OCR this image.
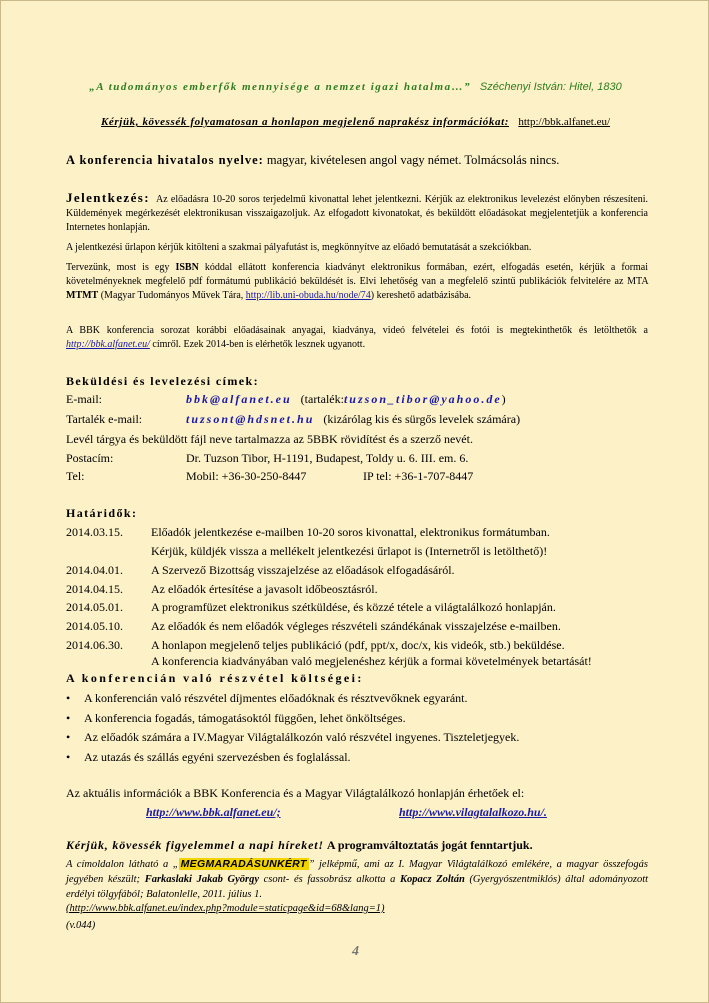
„A tudományos emberfők mennyisége a nemzet igazi hatalma…” Széchenyi István: Hitel, 1830
Kérjük, kövessék folyamatosan a honlapon megjelenő naprakész információkat: http://bbk.alfanet.eu/
A konferencia hivatalos nyelve: magyar, kivételesen angol vagy német. Tolmácsolás nincs.
Jelentkezés: Az előadásra 10-20 soros terjedelmű kivonattal lehet jelentkezni. Kérjük az elektronikus levelezést előnyben részesíteni. Küldemények megérkezését elektronikusan visszaigazoljuk. Az elfogadott kivonatokat, és beküldött előadásokat megjelentetjük a konferencia Internetes honlapján.
A jelentkezési űrlapon kérjük kitölteni a szakmai pályafutást is, megkönnyítve az előadó bemutatását a szekciókban.
Tervezünk, most is egy ISBN kóddal ellátott konferencia kiadványt elektronikus formában, ezért, elfogadás esetén, kérjük a formai követelményeknek megfelelő pdf formátumú publikáció beküldését is. Elvi lehetőség van a megfelelő szintű publikációk felvitelére az MTA MTMT (Magyar Tudományos Művek Tára, http://lib.uni-obuda.hu/node/74) kereshető adatbázisába.
A BBK konferencia sorozat korábbi előadásainak anyagai, kiadványa, videó felvételei és fotói is megtekinthetők és letölthetők a http://bbk.alfanet.eu/ címről. Ezek 2014-ben is elérhetők lesznek ugyanott.
Beküldési és levelezési címek:
E-mail:	bbk@alfanet.eu (tartalék:tuzson_tibor@yahoo.de)
Tartalék e-mail:	tuzsont@hdsnet.hu (kizárólag kis és sürgős levelek számára)
Levél tárgya és beküldött fájl neve tartalmazza az 5BBK rövidítést és a szerző nevét.
Postacím:	Dr. Tuzson Tibor, H-1191, Budapest, Toldy u. 6. III. em. 6.
Tel:	Mobil: +36-30-250-8447	IP tel: +36-1-707-8447
Határidők:
2014.03.15. Előadók jelentkezése e-mailben 10-20 soros kivonattal, elektronikus formátumban.
Kérjük, küldjék vissza a mellékelt jelentkezési űrlapot is (Internetről is letölthető)!
2014.04.01. A Szervező Bizottság visszajelzése az előadások elfogadásáról.
2014.04.15. Az előadók értesítése a javasolt időbeosztásról.
2014.05.01. A programfüzet elektronikus szétküldése, és közzé tétele a világtalálkozó honlapján.
2014.05.10. Az előadók és nem előadók végleges részvételi szándékának visszajelzése e-mailben.
2014.06.30. A honlapon megjelenő teljes publikáció (pdf, ppt/x, doc/x, kis videók, stb.) beküldése.
A konferencia kiadványában való megjelenéshez kérjük a formai követelmények betartását!
A konferencián való részvétel költségei:
• A konferencián való részvétel díjmentes előadóknak és résztvevőknek egyaránt.
• A konferencia fogadás, támogatásoktól függően, lehet önköltséges.
• Az előadók számára a IV.Magyar Világtalálkozón való részvétel ingyenes. Tiszteletjegyek.
• Az utazás és szállás egyéni szervezésben és foglalással.
Az aktuális információk a BBK Konferencia és a Magyar Világtalálkozó honlapján érhetőek el:
http://www.bbk.alfanet.eu/;	http://www.vilagtalalkozo.hu/.
Kérjük, kövessék figyelemmel a napi híreket! A programváltoztatás jogát fenntartjuk.
A címoldalon látható a „ MEGMARADÁSUNKÉRT ” jelképmű, ami az I. Magyar Világtalálkozó emlékére, a magyar összefogás jegyében készült; Farkaslaki Jakab György csont- és fassobrász alkotta a Kopacz Zoltán (Gyergyószentmiklós) által adományozott erdélyi tölgyfából; Balatonlelle, 2011. július 1.
(http://www.bbk.alfanet.eu/index.php?module=staticpage&id=68&lang=1)
(v.044)
4
